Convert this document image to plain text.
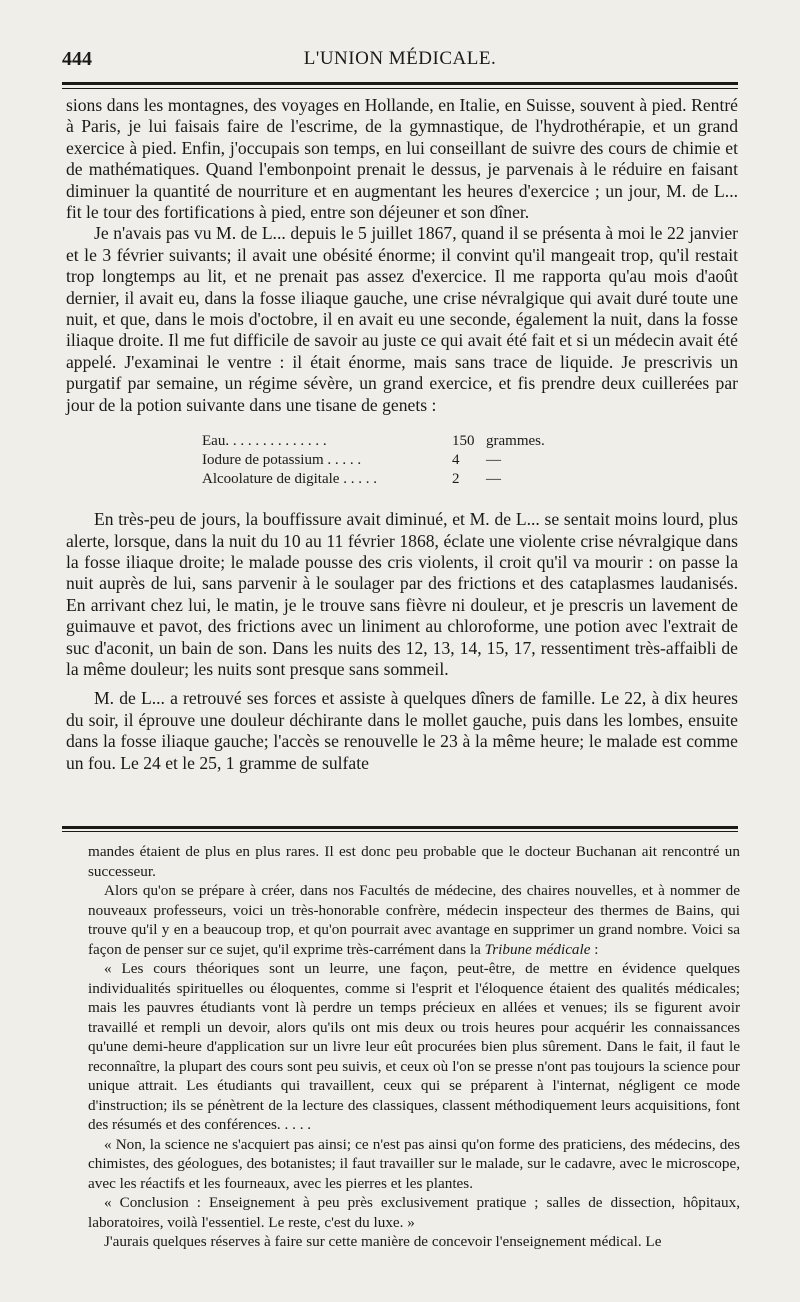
444	L'UNION MÉDICALE.

sions dans les montagnes, des voyages en Hollande, en Italie, en Suisse, souvent à pied. Rentré à Paris, je lui faisais faire de l'escrime, de la gymnastique, de l'hydrothérapie, et un grand exercice à pied. Enfin, j'occupais son temps, en lui conseillant de suivre des cours de chimie et de mathématiques. Quand l'embonpoint prenait le dessus, je parvenais à le réduire en faisant diminuer la quantité de nourriture et en augmentant les heures d'exercice ; un jour, M. de L... fit le tour des fortifications à pied, entre son déjeuner et son dîner.

Je n'avais pas vu M. de L... depuis le 5 juillet 1867, quand il se présenta à moi le 22 janvier et le 3 février suivants; il avait une obésité énorme; il convint qu'il mangeait trop, qu'il restait trop longtemps au lit, et ne prenait pas assez d'exercice. Il me rapporta qu'au mois d'août dernier, il avait eu, dans la fosse iliaque gauche, une crise névralgique qui avait duré toute une nuit, et que, dans le mois d'octobre, il en avait eu une seconde, également la nuit, dans la fosse iliaque droite. Il me fut difficile de savoir au juste ce qui avait été fait et si un médecin avait été appelé. J'examinai le ventre : il était énorme, mais sans trace de liquide. Je prescrivis un purgatif par semaine, un régime sévère, un grand exercice, et fis prendre deux cuillerées par jour de la potion suivante dans une tisane de genets :

Eau. . . . . . . . . . . . . .	150 grammes.
Iodure de potassium . . . . .	4	—
Alcoolature de digitale . . . . .	2	—

En très-peu de jours, la bouffissure avait diminué, et M. de L... se sentait moins lourd, plus alerte, lorsque, dans la nuit du 10 au 11 février 1868, éclate une violente crise névralgique dans la fosse iliaque droite; le malade pousse des cris violents, il croit qu'il va mourir : on passe la nuit auprès de lui, sans parvenir à le soulager par des frictions et des cataplasmes laudanisés. En arrivant chez lui, le matin, je le trouve sans fièvre ni douleur, et je prescris un lavement de guimauve et pavot, des frictions avec un liniment au chloroforme, une potion avec l'extrait de suc d'aconit, un bain de son. Dans les nuits des 12, 13, 14, 15, 17, ressentiment très-affaibli de la même douleur; les nuits sont presque sans sommeil.

M. de L... a retrouvé ses forces et assiste à quelques dîners de famille. Le 22, à dix heures du soir, il éprouve une douleur déchirante dans le mollet gauche, puis dans les lombes, ensuite dans la fosse iliaque gauche; l'accès se renouvelle le 23 à la même heure; le malade est comme un fou. Le 24 et le 25, 1 gramme de sulfate

mandes étaient de plus en plus rares. Il est donc peu probable que le docteur Buchanan ait rencontré un successeur.

Alors qu'on se prépare à créer, dans nos Facultés de médecine, des chaires nouvelles, et à nommer de nouveaux professeurs, voici un très-honorable confrère, médecin inspecteur des thermes de Bains, qui trouve qu'il y en a beaucoup trop, et qu'on pourrait avec avantage en supprimer un grand nombre. Voici sa façon de penser sur ce sujet, qu'il exprime très-carrément dans la Tribune médicale :

« Les cours théoriques sont un leurre, une façon, peut-être, de mettre en évidence quelques individualités spirituelles ou éloquentes, comme si l'esprit et l'éloquence étaient des qualités médicales; mais les pauvres étudiants vont là perdre un temps précieux en allées et venues; ils se figurent avoir travaillé et rempli un devoir, alors qu'ils ont mis deux ou trois heures pour acquérir les connaissances qu'une demi-heure d'application sur un livre leur eût procurées bien plus sûrement. Dans le fait, il faut le reconnaître, la plupart des cours sont peu suivis, et ceux où l'on se presse n'ont pas toujours la science pour unique attrait. Les étudiants qui travaillent, ceux qui se préparent à l'internat, négligent ce mode d'instruction; ils se pénètrent de la lecture des classiques, classent méthodiquement leurs acquisitions, font des résumés et des conférences. . . . .

« Non, la science ne s'acquiert pas ainsi; ce n'est pas ainsi qu'on forme des praticiens, des médecins, des chimistes, des géologues, des botanistes; il faut travailler sur le malade, sur le cadavre, avec le microscope, avec les réactifs et les fourneaux, avec les pierres et les plantes.

« Conclusion : Enseignement à peu près exclusivement pratique ; salles de dissection, hôpitaux, laboratoires, voilà l'essentiel. Le reste, c'est du luxe. »

J'aurais quelques réserves à faire sur cette manière de concevoir l'enseignement médical. Le
